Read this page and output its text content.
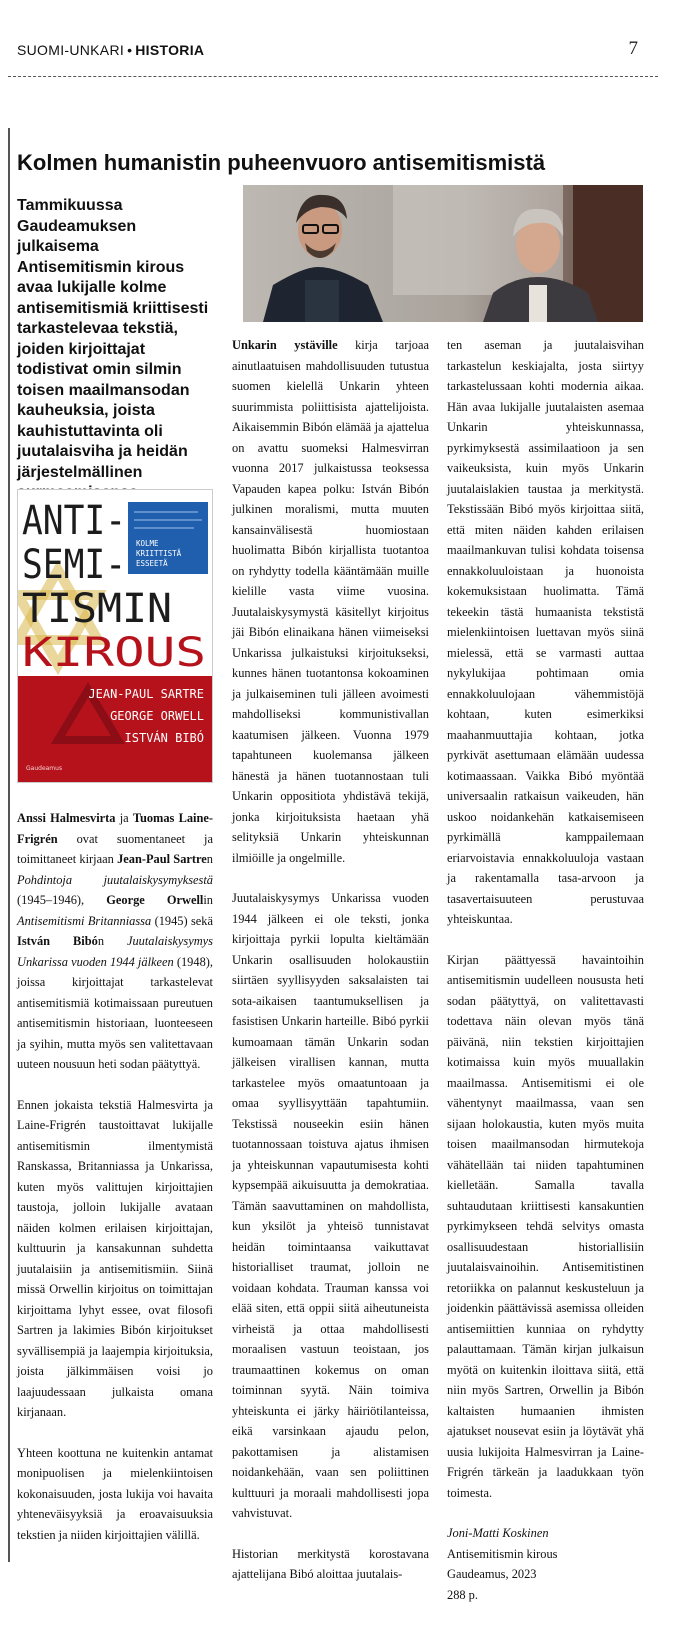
SUOMI-UNKARI • HISTORIA	7
Kolmen humanistin puheenvuoro antisemitismistä
Tammikuussa Gaudeamuksen julkaisema Antisemitismin kirous avaa lukijalle kolme antisemitismiä kriittisesti tarkastelevaa tekstiä, joiden kirjoittajat todistivat omin silmin toisen maailmansodan kauheuksia, joista kauhistuttavinta oli juutalaisviha ja heidän järjestelmällinen
KOLME
KRIITTISTÄ
ESSEETÄ
ANTI-
SEMI-
TISMIN
KIROUS
JEAN-PAUL SARTRE
GEORGE ORWELL
ISTVÁN BIBÓ
Gaudeamus

Anssi Halmesvirta ja Tuomas Laine-Frigrén ovat suomentaneet ja toimittaneet kirjaan Jean-Paul Sartren Pohdintoja juutalaiskysymyksestä (1945–1946), George Orwellin Antisemitismi Britanniassa (1945) sekä István Bibón Juutalaiskysymys Unkarissa vuoden 1944 jälkeen (1948), joissa kirjoittajat tarkastelevat antisemitismiä kotimaissaan pureutuen antisemitismin historiaan, luonteeseen ja syihin, mutta myös sen valitettavaan uuteen nousuun heti sodan päätyttyä.

Ennen jokaista tekstiä Halmesvirta ja Laine-Frigrén taustoittavat lukijalle antisemitismin ilmentymistä Ranskassa, Britanniassa ja Unkarissa, kuten myös valittujen kirjoittajien taustoja, jolloin lukijalle avataan näiden kolmen erilaisen kirjoittajan, kulttuurin ja kansakunnan suhdetta juutalaisiin ja antisemitismiin. Siinä missä Orwellin kirjoitus on toimittajan kirjoittama lyhyt essee, ovat filosofi Sartren ja lakimies Bibón kirjoitukset syvällisempiä ja laajempia kirjoituksia, joista jälkimmäisen voisi jo laajuudessaan julkaista omana kirjanaan.

Yhteen koottuna ne kuitenkin antamat monipuolisen ja mielenkiintoisen kokonaisuuden, josta lukija voi havaita yhteneväisyyksiä ja eroavaisuuksia tekstien ja niiden kirjoittajien välillä.

Unkarin ystäville kirja tarjoaa ainutlaatuisen mahdollisuuden tutustua suomen kielellä Unkarin yhteen suurimmista poliittisista ajattelijoista. Aikaisemmin Bibón elämää ja ajattelua on avattu suomeksi Halmesvirran vuonna 2017 julkaistussa teoksessa Vapauden kapea polku: István Bibón julkinen moralismi, mutta muuten kansainvälisestä huomiostaan huolimatta Bibón kirjallista tuotantoa on ryhdytty todella kääntämään muille kielille vasta viime vuosina. Juutalaiskysymystä käsitellyt kirjoitus jäi Bibón elinaikana hänen viimeiseksi Unkarissa julkaistuksi kirjoitukseksi, kunnes hänen tuotantonsa kokoaminen ja julkaiseminen tuli jälleen avoimesti mahdolliseksi kommunistivallan kaatumisen jälkeen. Vuonna 1979 tapahtuneen kuolemansa jälkeen hänestä ja hänen tuotannostaan tuli Unkarin oppositiota yhdistävä tekijä, jonka kirjoituksista haetaan yhä selityksiä Unkarin yhteiskunnan ilmiöille ja ongelmille.

Juutalaiskysymys Unkarissa vuoden 1944 jälkeen ei ole teksti, jonka kirjoittaja pyrkii lopulta kieltämään Unkarin osallisuuden holokaustiin siirtäen syyllisyyden saksalaisten tai sota-aikaisen taantumuksellisen ja fasistisen Unkarin harteille. Bibó pyrkii kumoamaan tämän Unkarin sodan jälkeisen virallisen kannan, mutta tarkastelee myös omaatuntoaan ja omaa syyllisyyttään tapahtumiin. Tekstissä nouseekin esiin hänen tuotannossaan toistuva ajatus ihmisen ja yhteiskunnan vapautumisesta kohti kypsempää aikuisuutta ja demokratiaa. Tämän saavuttaminen on mahdollista, kun yksilöt ja yhteisö tunnistavat heidän toimintaansa vaikuttavat historialliset traumat, jolloin ne voidaan kohdata. Trauman kanssa voi elää siten, että oppii siitä aiheutuneista virheistä ja ottaa mahdollisesti moraalisen vastuun teoistaan, jos traumaattinen kokemus on oman toiminnan syytä. Näin toimiva yhteiskunta ei järky häiriötilanteissa, eikä varsinkaan ajaudu pelon, pakottamisen ja alistamisen noidankehään, vaan sen poliittinen kulttuuri ja moraali mahdollisesti jopa vahvistuvat.

Historian merkitystä korostavana ajattelijana Bibó aloittaa juutalais-

ten aseman ja juutalaisvihan tarkastelun keskiajalta, josta siirtyy tarkastelussaan kohti modernia aikaa. Hän avaa lukijalle juutalaisten asemaa Unkarin yhteiskunnassa, pyrkimyksestä assimilaatioon ja sen vaikeuksista, kuin myös Unkarin juutalaislakien taustaa ja merkitystä. Tekstissään Bibó myös kirjoittaa siitä, että miten näiden kahden erilaisen maailmankuvan tulisi kohdata toisensa ennakkoluuloistaan ja huonoista kokemuksistaan huolimatta. Tämä tekeekin tästä humaanista tekstistä mielenkiintoisen luettavan myös siinä mielessä, että se varmasti auttaa nykylukijaa pohtimaan omia ennakkoluulojaan vähemmistöjä kohtaan, kuten esimerkiksi maahanmuuttajia kohtaan, jotka pyrkivät asettumaan elämään uudessa kotimaassaan. Vaikka Bibó myöntää universaalin ratkaisun vaikeuden, hän uskoo noidankehän katkaisemiseen pyrkimällä kamppailemaan eriarvoistavia ennakkoluuloja vastaan ja rakentamalla tasa-arvoon ja tasavertaisuuteen perustuvaa yhteiskuntaa.

Kirjan päättyessä havaintoihin antisemitismin uudelleen noususta heti sodan päätyttyä, on valitettavasti todettava näin olevan myös tänä päivänä, niin tekstien kirjoittajien kotimaissa kuin myös muuallakin maailmassa. Antisemitismi ei ole vähentynyt maailmassa, vaan sen sijaan holokaustia, kuten myös muita toisen maailmansodan hirmutekoja vähätellään tai niiden tapahtuminen kielletään. Samalla tavalla suhtaudutaan kriittisesti kansakuntien pyrkimykseen tehdä selvitys omasta osallisuudestaan historiallisiin juutalaisvainoihin. Antisemitistinen retoriikka on palannut keskusteluun ja joidenkin päättävissä asemissa olleiden antisemiittien kunniaa on ryhdytty palauttamaan. Tämän kirjan julkaisun myötä on kuitenkin iloittava siitä, että niin myös Sartren, Orwellin ja Bibón kaltaisten humaanien ihmisten ajatukset nousevat esiin ja löytävät yhä uusia lukijoita Halmesvirran ja Laine-Frigrén tärkeän ja laadukkaan työn toimesta.

Joni-Matti Koskinen
Antisemitismin kirous
Gaudeamus, 2023
288 p.
